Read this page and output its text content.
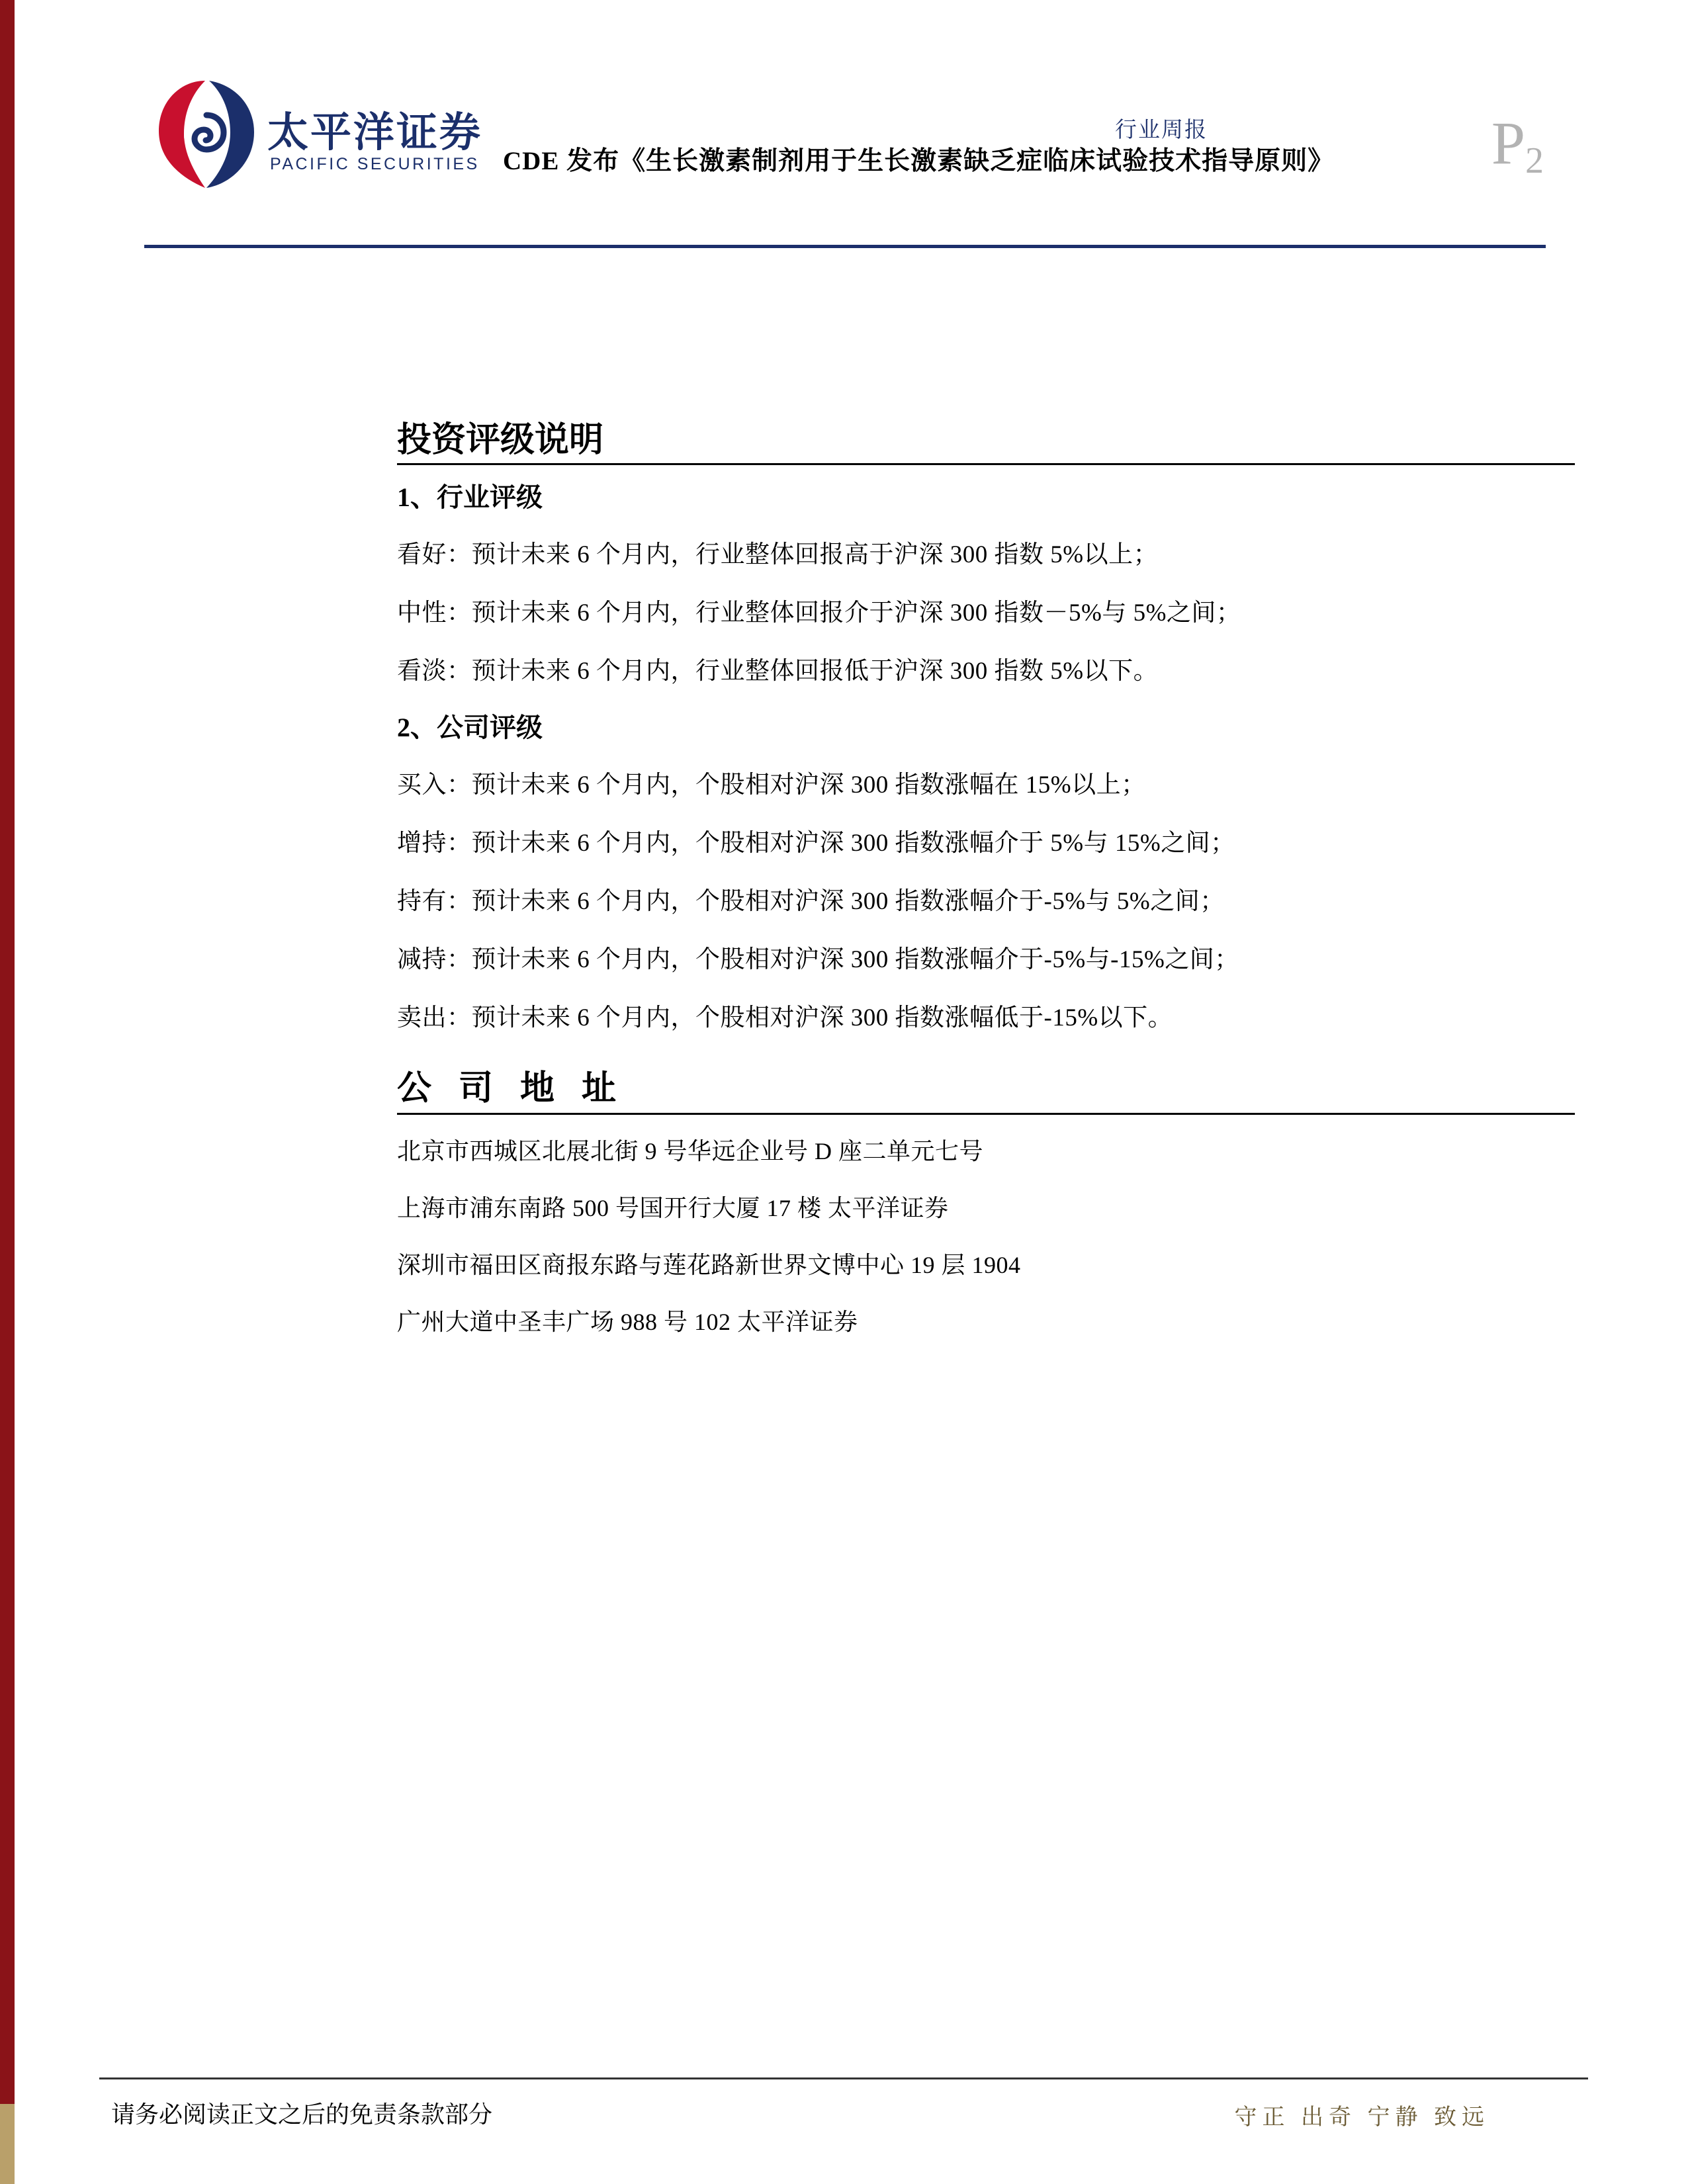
太平洋证券
PACIFIC SECURITIES
行业周报
CDE 发布《生长激素制剂用于生长激素缺乏症临床试验技术指导原则》	$P_2$
投资评级说明
1、行业评级
看好：预计未来 6 个月内，行业整体回报高于沪深 300 指数 5%以上；
中性：预计未来 6 个月内，行业整体回报介于沪深 300 指数－5%与 5%之间；
看淡：预计未来 6 个月内，行业整体回报低于沪深 300 指数 5%以下。
2、公司评级
买入：预计未来 6 个月内，个股相对沪深 300 指数涨幅在 15%以上；
增持：预计未来 6 个月内，个股相对沪深 300 指数涨幅介于 5%与 15%之间；
持有：预计未来 6 个月内，个股相对沪深 300 指数涨幅介于-5%与 5%之间；
减持：预计未来 6 个月内，个股相对沪深 300 指数涨幅介于-5%与-15%之间；
卖出：预计未来 6 个月内，个股相对沪深 300 指数涨幅低于-15%以下。
公 司 地 址
北京市西城区北展北街 9 号华远企业号 D 座二单元七号
上海市浦东南路 500 号国开行大厦 17 楼 太平洋证券
深圳市福田区商报东路与莲花路新世界文博中心 19 层 1904
广州大道中圣丰广场 988 号 102 太平洋证券
请务必阅读正文之后的免责条款部分	守正 出奇 宁静 致远
